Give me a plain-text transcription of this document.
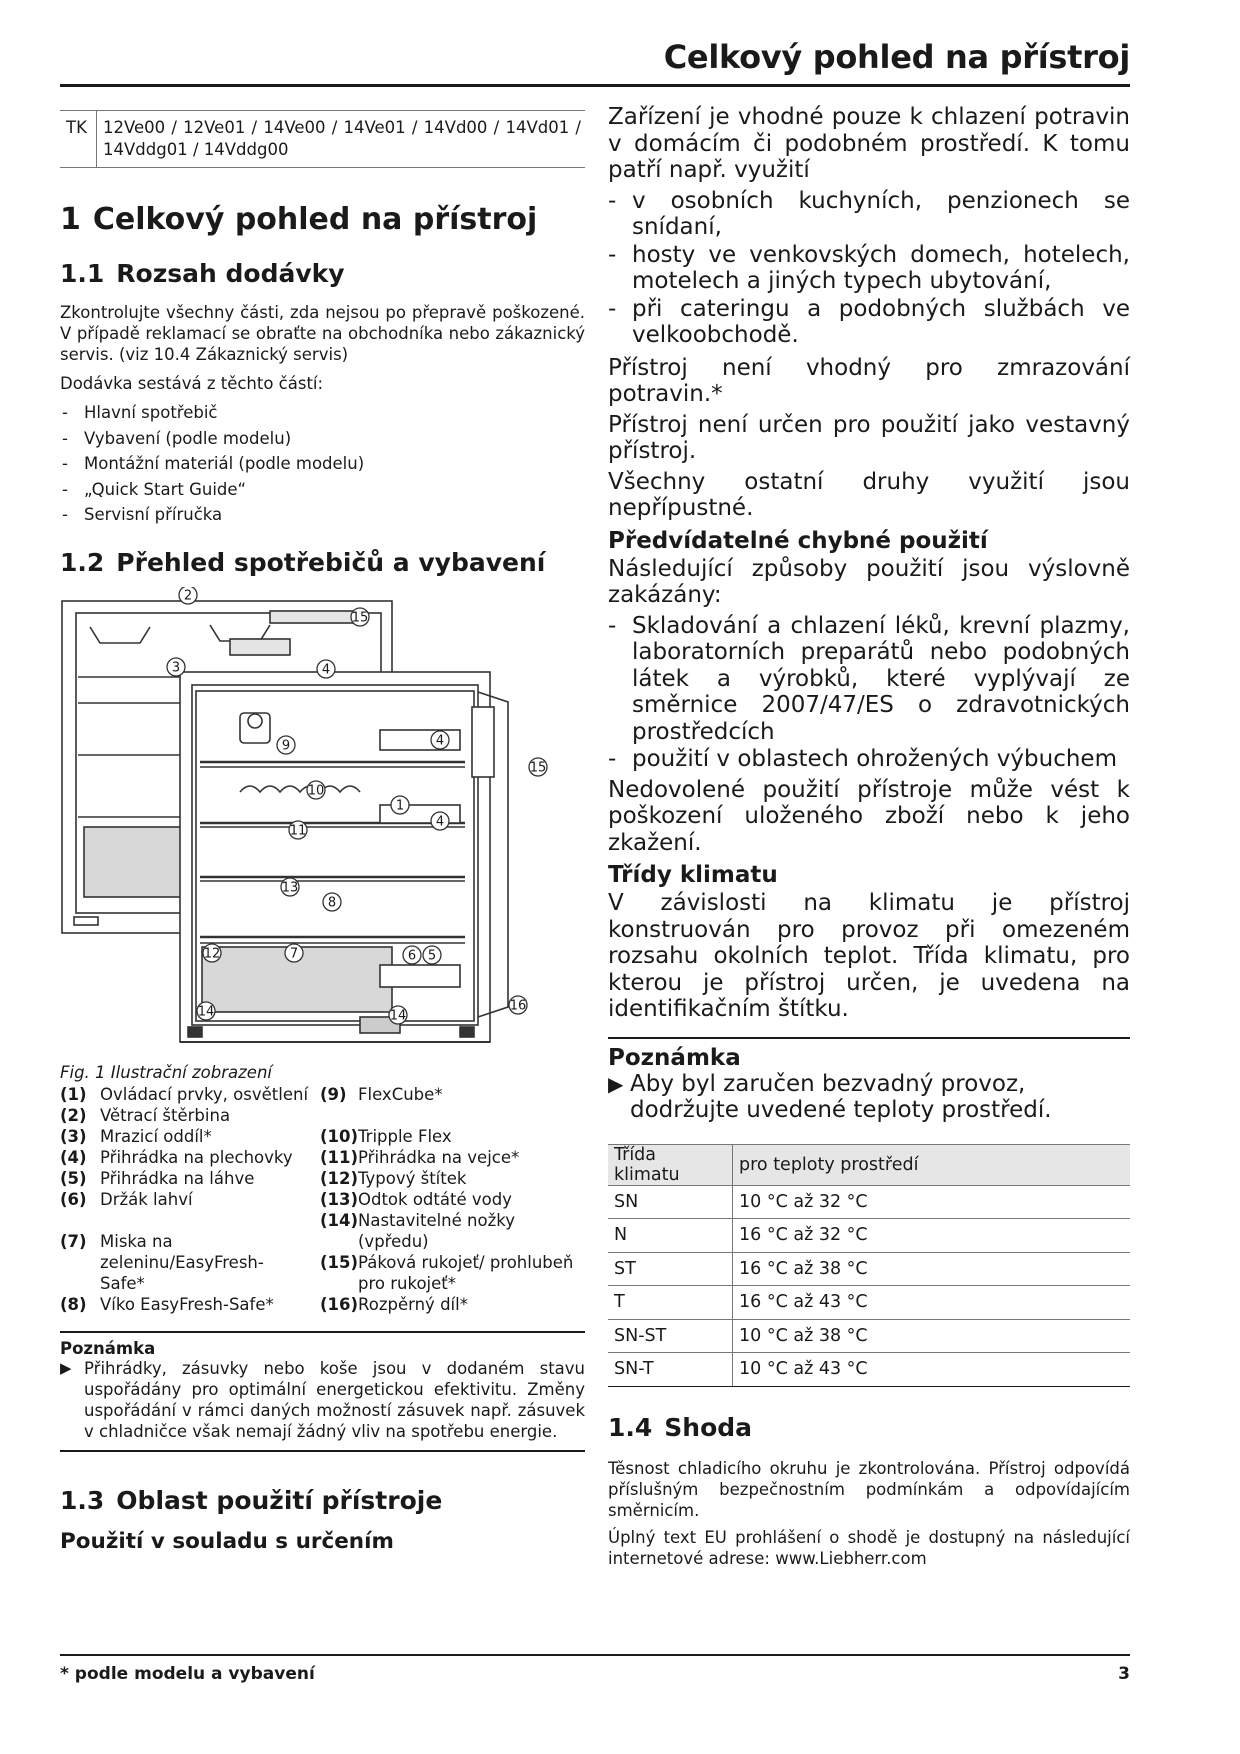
Celkový pohled na přístroj
TK 12Ve00 / 12Ve01 / 14Ve00 / 14Ve01 / 14Vd00 / 14Vd01 / 14Vddg01 / 14Vddg00
1 Celkový pohled na přístroj
1.1 Rozsah dodávky

Zkontrolujte všechny části, zda nejsou po přepravě poškozené. V případě reklamací se obraťte na obchodníka nebo zákaznický servis. (viz 10.4 Zákaznický servis)

Dodávka sestává z těchto částí:

- Hlavní spotřebič
- Vybavení (podle modelu)
- Montážní materiál (podle modelu)
- „Quick Start Guide“
- Servisní příručka
1.2 Přehled spotřebičů a vybavení
2
15
3	4
9	4
15
10
1
4
11
13
8
12	7	6 5
14	14
16
Fig. 1 Ilustrační zobrazení
(1) Ovládací prvky, osvětlení
(2) Větrací štěrbina
(3) Mrazicí oddíl*
(4) Přihrádka na plechovky
(5) Přihrádka na láhve
(6) Držák lahví
(7) Miska na zeleninu/EasyFresh-Safe*
(8) Víko EasyFresh-Safe*
(9) FlexCube*
(10) Tripple Flex
(11) Přihrádka na vejce*
(12) Typový štítek
(13) Odtok odtáté vody
(14) Nastavitelné nožky (vpředu)
(15) Páková rukojeť/ prohlubeň pro rukojeť*
(16) Rozpěrný díl*
Poznámka
▶ Přihrádky, zásuvky nebo koše jsou v dodaném stavu uspořádány pro optimální energetickou efektivitu. Změny uspořádání v rámci daných možností zásuvek např. zásuvek v chladničce však nemají žádný vliv na spotřebu energie.
1.3 Oblast použití přístroje
Použití v souladu s určením

Zařízení je vhodné pouze k chlazení potravin v domácím či podobném prostředí. K tomu patří např. využití

- v osobních kuchyních, penzionech se snídaní,
- hosty ve venkovských domech, hotelech, motelech a jiných typech ubytování,
- při cateringu a podobných službách ve velkoobchodě.

Přístroj není vhodný pro zmrazování potravin.*

Přístroj není určen pro použití jako vestavný přístroj.

Všechny ostatní druhy využití jsou nepřípustné.

Předvídatelné chybné použití

Následující způsoby použití jsou výslovně zakázány:

- Skladování a chlazení léků, krevní plazmy, laboratorních preparátů nebo podobných látek a výrobků, které vyplývají ze směrnice 2007/47/ES o zdravotnických prostředcích
- použití v oblastech ohrožených výbuchem

Nedovolené použití přístroje může vést k poškození uloženého zboží nebo k jeho zkažení.

Třídy klimatu

V závislosti na klimatu je přístroj konstruován pro provoz při omezeném rozsahu okolních teplot. Třída klimatu, pro kterou je přístroj určen, je uvedena na identifikačním štítku.

Poznámka
▶ Aby byl zaručen bezvadný provoz, dodržujte uvedené teploty prostředí.
Třída klimatu	pro teploty prostředí
SN	10 °C až 32 °C
N	16 °C až 32 °C
ST	16 °C až 38 °C
T	16 °C až 43 °C
SN-ST	10 °C až 38 °C
SN-T	10 °C až 43 °C
1.4 Shoda

Těsnost chladicího okruhu je zkontrolována. Přístroj odpovídá příslušným bezpečnostním podmínkám a odpovídajícím směrnicím.

Úplný text EU prohlášení o shodě je dostupný na následující internetové adrese: www.Liebherr.com

* podle modelu a vybavení	3
